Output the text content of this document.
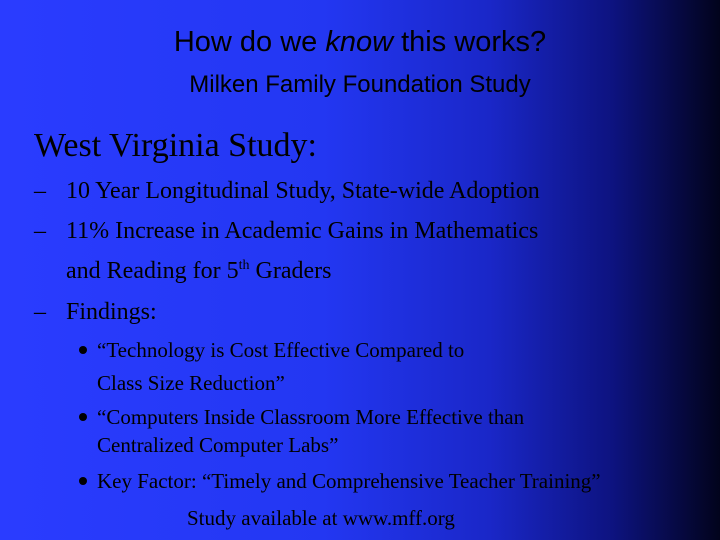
How do we know this works?
Milken Family Foundation Study
West Virginia Study:
– 10 Year Longitudinal Study, State-wide Adoption
– 11% Increase in Academic Gains in Mathematics
and Reading for 5th Graders
– Findings:
“Technology is Cost Effective Compared to
Class Size Reduction”
“Computers Inside Classroom More Effective than
Centralized Computer Labs”
Key Factor: “Timely and Comprehensive Teacher Training”
Study available at www.mff.org
